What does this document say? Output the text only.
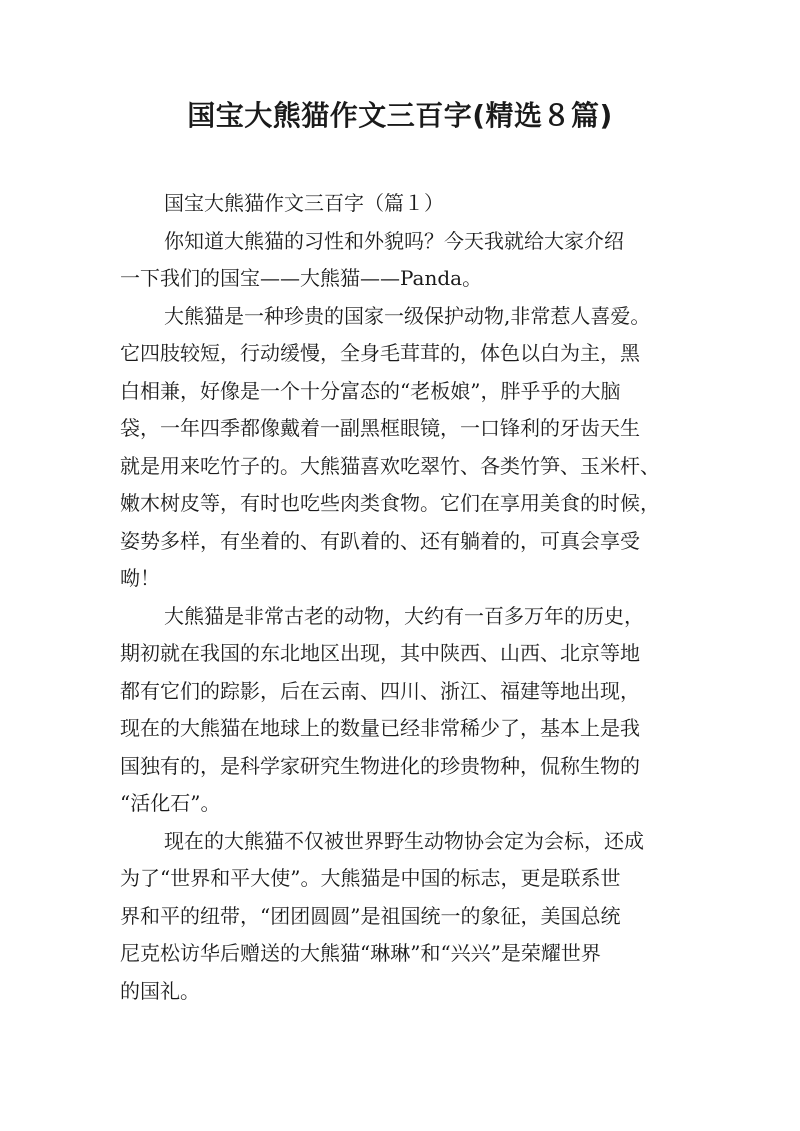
国宝大熊猫作文三百字(精选８篇)

国宝大熊猫作文三百字（篇１）

你知道大熊猫的习性和外貌吗？今天我就给大家介绍
一下我们的国宝——大熊猫——Panda。

大熊猫是一种珍贵的国家一级保护动物,非常惹人喜爱。
它四肢较短，行动缓慢，全身毛茸茸的，体色以白为主，黑
白相兼，好像是一个十分富态的“老板娘”，胖乎乎的大脑
袋，一年四季都像戴着一副黑框眼镜，一口锋利的牙齿天生
就是用来吃竹子的。大熊猫喜欢吃翠竹、各类竹笋、玉米杆、
嫩木树皮等，有时也吃些肉类食物。它们在享用美食的时候，
姿势多样，有坐着的、有趴着的、还有躺着的，可真会享受
呦！

大熊猫是非常古老的动物，大约有一百多万年的历史，
期初就在我国的东北地区出现，其中陕西、山西、北京等地
都有它们的踪影，后在云南、四川、浙江、福建等地出现，
现在的大熊猫在地球上的数量已经非常稀少了，基本上是我
国独有的，是科学家研究生物进化的珍贵物种，侃称生物的
“活化石”。

现在的大熊猫不仅被世界野生动物协会定为会标，还成
为了“世界和平大使”。大熊猫是中国的标志，更是联系世
界和平的纽带，“团团圆圆”是祖国统一的象征，美国总统
尼克松访华后赠送的大熊猫“琳琳”和“兴兴”是荣耀世界
的国礼。
